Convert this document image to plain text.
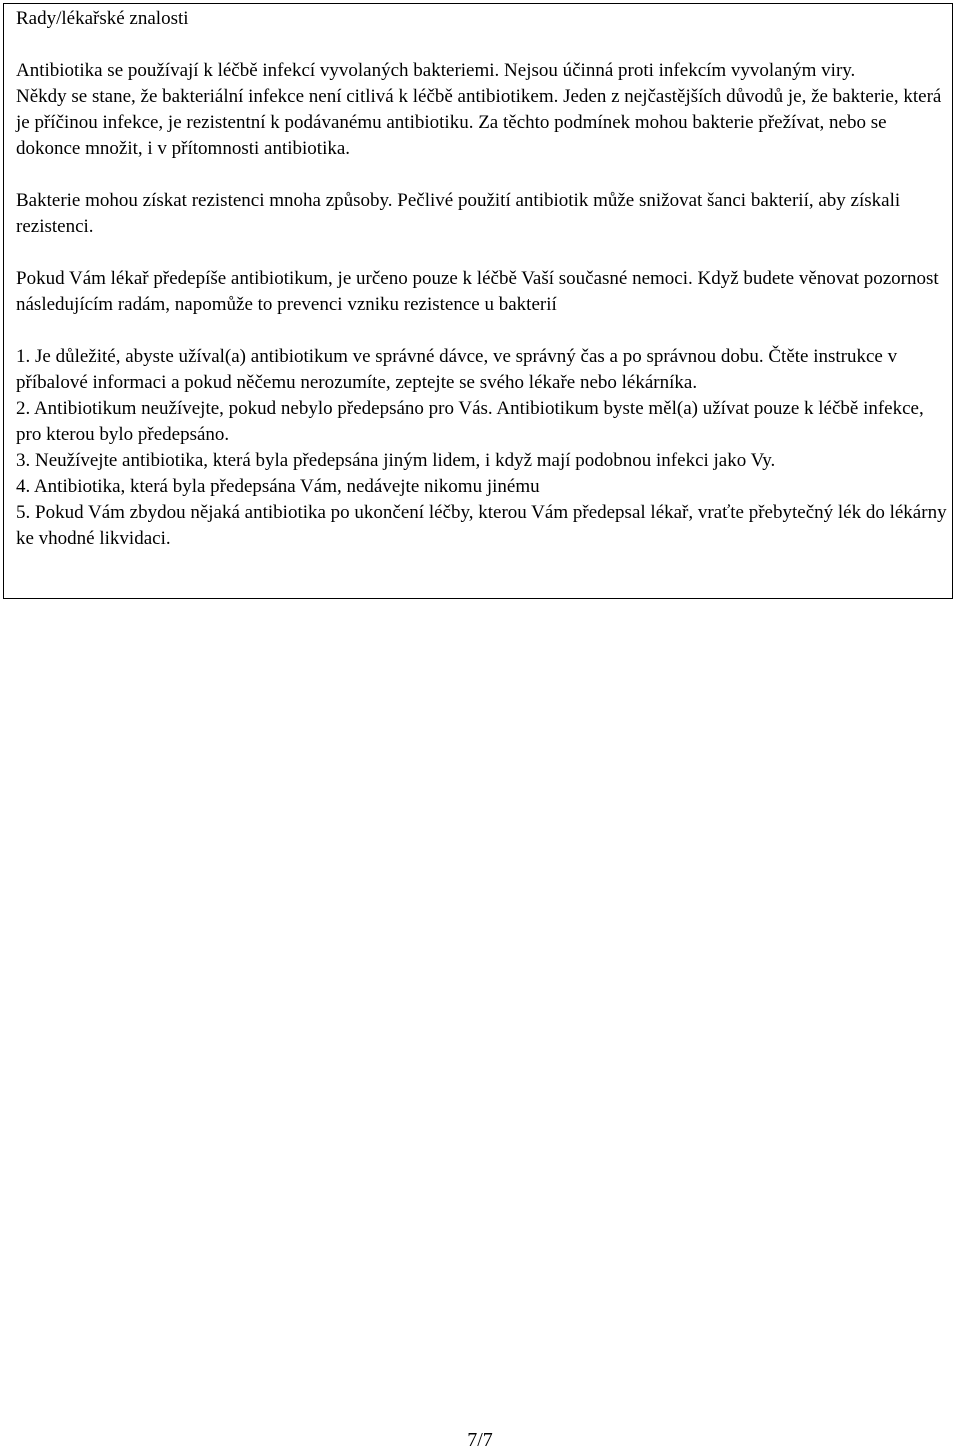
Rady/lékařské znalosti

Antibiotika se používají k léčbě infekcí vyvolaných bakteriemi. Nejsou účinná proti infekcím vyvolaným viry.
Někdy se stane, že bakteriální infekce není citlivá k léčbě antibiotikem. Jeden z nejčastějších důvodů je, že bakterie, která je příčinou infekce, je rezistentní k podávanému antibiotiku. Za těchto podmínek mohou bakterie přežívat, nebo se dokonce množit, i v přítomnosti antibiotika.

Bakterie mohou získat rezistenci mnoha způsoby. Pečlivé použití antibiotik může snižovat šanci bakterií, aby získali rezistenci.

Pokud Vám lékař předepíše antibiotikum, je určeno pouze k léčbě Vaší současné nemoci. Když budete věnovat pozornost následujícím radám, napomůže to prevenci vzniku rezistence u bakterií

1. Je důležité, abyste užíval(a) antibiotikum ve správné dávce, ve správný čas a po správnou dobu. Čtěte instrukce v příbalové informaci a pokud něčemu nerozumíte, zeptejte se svého lékaře nebo lékárníka.

2. Antibiotikum neužívejte, pokud nebylo předepsáno pro Vás. Antibiotikum byste měl(a) užívat pouze k léčbě infekce, pro kterou bylo předepsáno.

3. Neužívejte antibiotika, která byla předepsána jiným lidem, i když mají podobnou infekci jako Vy.

4. Antibiotika, která byla předepsána Vám, nedávejte nikomu jinému

5. Pokud Vám zbydou nějaká antibiotika po ukončení léčby, kterou Vám předepsal lékař, vraťte přebytečný lék do lékárny ke vhodné likvidaci.

7/7
